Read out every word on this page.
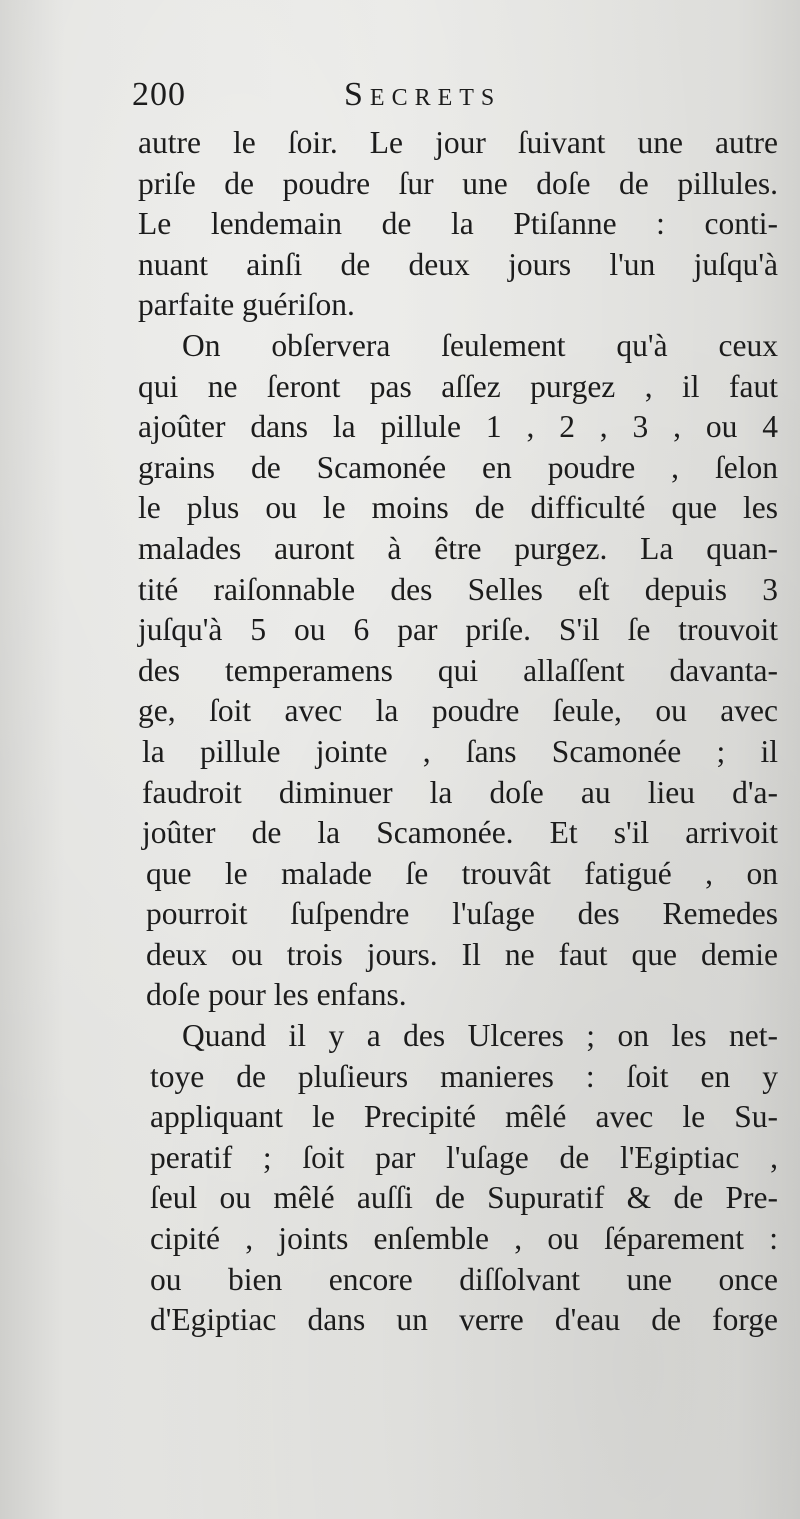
200	Secrets
autre le ſoir. Le jour ſuivant une autre
priſe de poudre ſur une doſe de pillules.
Le lendemain de la Ptiſanne : conti-
nuant ainſi de deux jours l'un juſqu'à
parfaite guériſon.
On obſervera ſeulement qu'à ceux
qui ne ſeront pas aſſez purgez , il faut
ajoûter dans la pillule 1 , 2 , 3 , ou 4
grains de Scamonée en poudre , ſelon
le plus ou le moins de difficulté que les
malades auront à être purgez. La quan-
tité raiſonnable des Selles eſt depuis 3
juſqu'à 5 ou 6 par priſe. S'il ſe trouvoit
des temperamens qui allaſſent davanta-
ge, ſoit avec la poudre ſeule, ou avec
la pillule jointe , ſans Scamonée ; il
faudroit diminuer la doſe au lieu d'a-
joûter de la Scamonée. Et s'il arrivoit
que le malade ſe trouvât fatigué , on
pourroit ſuſpendre l'uſage des Remedes
deux ou trois jours. Il ne faut que demie
doſe pour les enfans.
Quand il y a des Ulceres ; on les net-
toye de pluſieurs manieres : ſoit en y
appliquant le Precipité mêlé avec le Su-
peratif ; ſoit par l'uſage de l'Egiptiac ,
ſeul ou mêlé auſſi de Supuratif & de Pre-
cipité , joints enſemble , ou ſéparement :
ou bien encore diſſolvant une once
d'Egiptiac dans un verre d'eau de forge
